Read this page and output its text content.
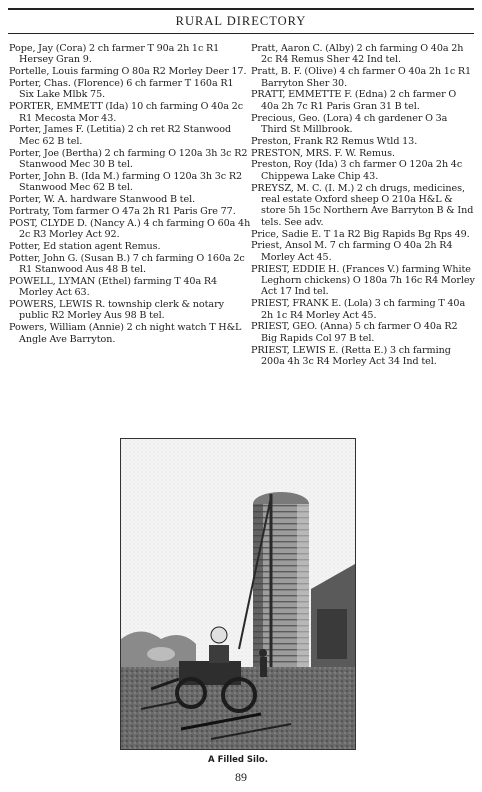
RURAL DIRECTORY

Pope, Jay (Cora) 2 ch farmer T 90a 2h 1c R1 Hersey Gran 9.

Portelle, Louis farming O 80a R2 Morley Deer 17.

Porter, Chas. (Florence) 6 ch farmer T 160a R1 Six Lake Mlbk 75.

PORTER, EMMETT (Ida) 10 ch farming O 40a 2c R1 Mecosta Mor 43.

Porter, James F. (Letitia) 2 ch ret R2 Stanwood Mec 62 B tel.

Porter, Joe (Bertha) 2 ch farming O 120a 3h 3c R2 Stanwood Mec 30 B tel.

Porter, John B. (Ida M.) farming O 120a 3h 3c R2 Stanwood Mec 62 B tel.

Porter, W. A. hardware Stanwood B tel.

Portraty, Tom farmer O 47a 2h R1 Paris Gre 77.

POST, CLYDE D. (Nancy A.) 4 ch farming O 60a 4h 2c R3 Morley Act 92.

Potter, Ed station agent Remus.

Potter, John G. (Susan B.) 7 ch farming O 160a 2c R1 Stanwood Aus 48 B tel.

POWELL, LYMAN (Ethel) farming T 40a R4 Morley Act 63.

POWERS, LEWIS R. township clerk & notary public R2 Morley Aus 98 B tel.

Powers, William (Annie) 2 ch night watch T H&L Angle Ave Barryton.

Pratt, Aaron C. (Alby) 2 ch farming O 40a 2h 2c R4 Remus Sher 42 Ind tel.

Pratt, B. F. (Olive) 4 ch farmer O 40a 2h 1c R1 Barryton Sher 30.

PRATT, EMMETTE F. (Edna) 2 ch farmer O 40a 2h 7c R1 Paris Gran 31 B tel.

Precious, Geo. (Lora) 4 ch gardener O 3a Third St Millbrook.

Preston, Frank R2 Remus Wtld 13.

PRESTON, MRS. F. W. Remus.

Preston, Roy (Ida) 3 ch farmer O 120a 2h 4c Chippewa Lake Chip 43.

PREYSZ, M. C. (I. M.) 2 ch drugs, medicines, real estate Oxford sheep O 210a H&L & store 5h 15c Northern Ave Barryton B & Ind tels. See adv.

Price, Sadie E. T 1a R2 Big Rapids Bg Rps 49.

Priest, Ansol M. 7 ch farming O 40a 2h R4 Morley Act 45.

PRIEST, EDDIE H. (Frances V.) farming White Leghorn chickens) O 180a 7h 16c R4 Morley Act 17 Ind tel.

PRIEST, FRANK E. (Lola) 3 ch farming T 40a 2h 1c R4 Morley Act 45.

PRIEST, GEO. (Anna) 5 ch farmer O 40a R2 Big Rapids Col 97 B tel.

PRIEST, LEWIS E. (Retta E.) 3 ch farming 200a 4h 3c R4 Morley Act 34 Ind tel.

A Filled Silo.
89
